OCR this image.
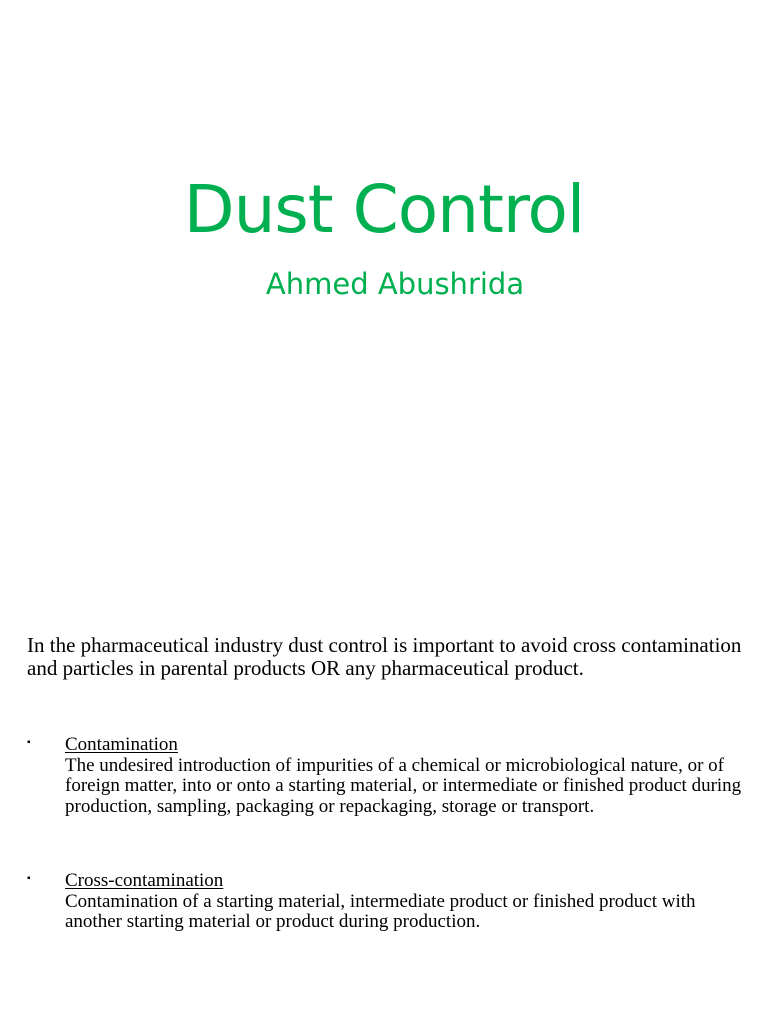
Dust Control
Ahmed Abushrida

In the pharmaceutical industry dust control is important to avoid cross contamination and particles in parental products OR any pharmaceutical product.

▪ Contamination
The undesired introduction of impurities of a chemical or microbiological nature, or of foreign matter, into or onto a starting material, or intermediate or finished product during production, sampling, packaging or repackaging, storage or transport.
▪ Cross-contamination
Contamination of a starting material, intermediate product or finished product with another starting material or product during production.
